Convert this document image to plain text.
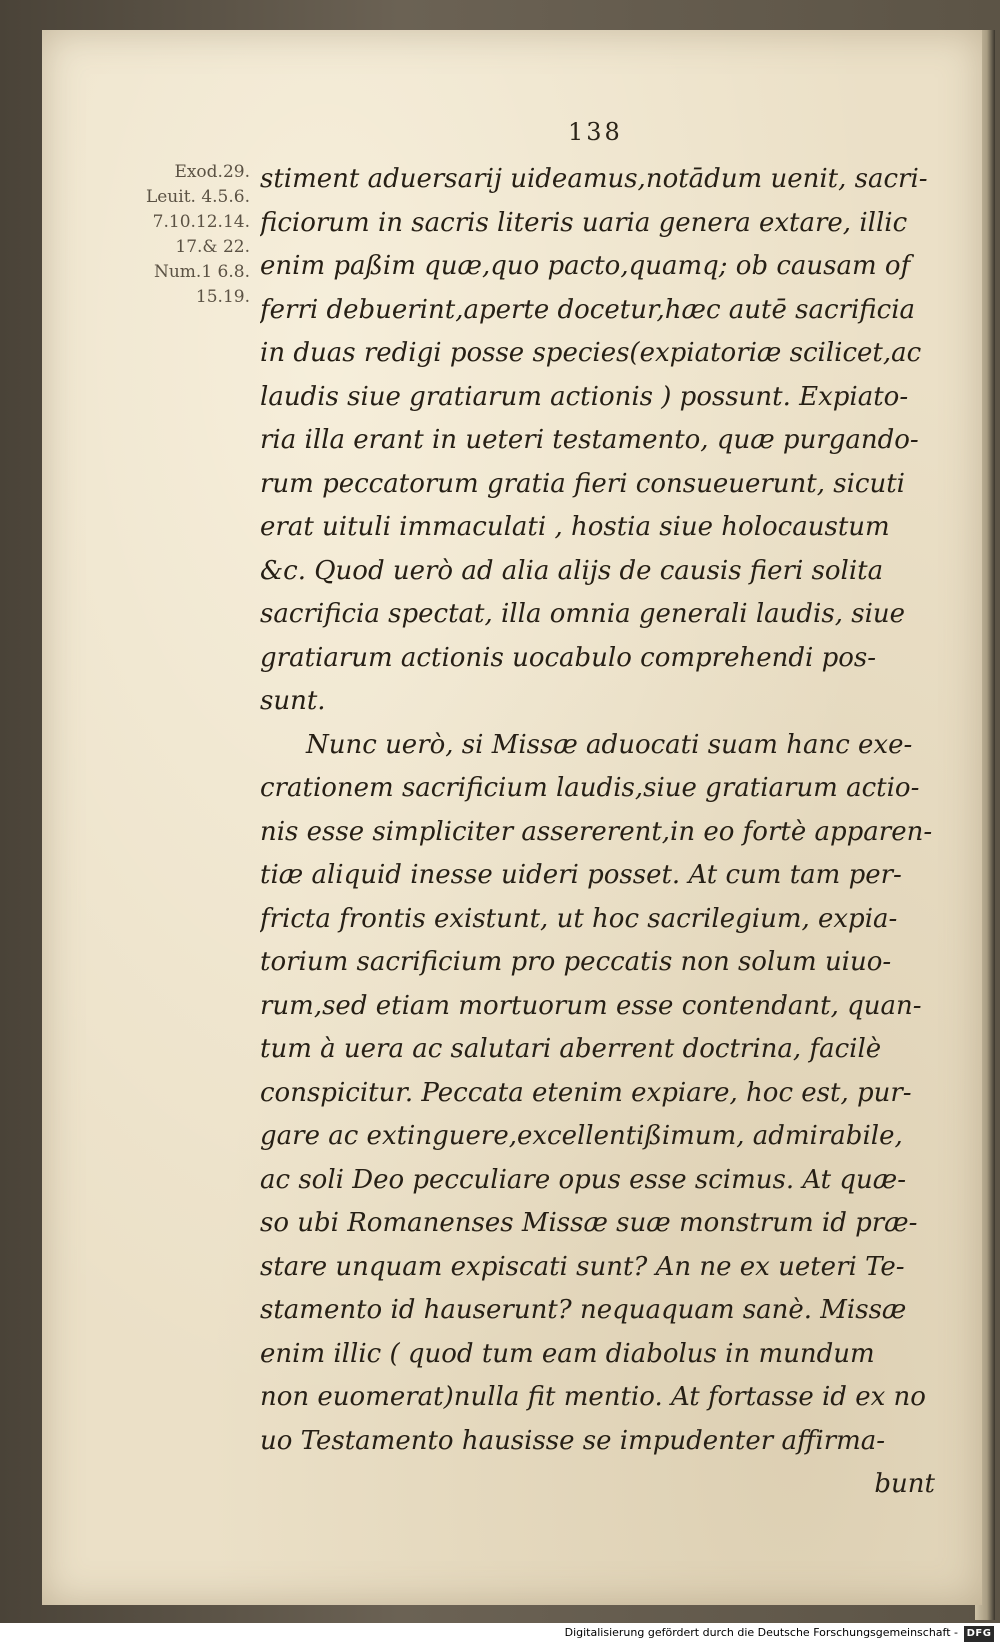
138
Exod.29.
Leuit. 4.5.6.
7.10.12.14.
17.& 22.
Num.1 6.8.
15.19.
stiment aduersarij uideamus,notādum uenit, sacri-
ficiorum in sacris literis uaria genera extare, illic
enim paßim quæ,quo pacto,quamq; ob causam of
ferri debuerint,aperte docetur,hæc autē sacrificia
in duas redigi posse species(expiatoriæ scilicet,ac
laudis siue gratiarum actionis ) possunt. Expiato-
ria illa erant in ueteri testamento, quæ purgando-
rum peccatorum gratia fieri consueuerunt, sicuti
erat uituli immaculati , hostia siue holocaustum
&c. Quod uerò ad alia alijs de causis fieri solita
sacrificia spectat, illa omnia generali laudis, siue
gratiarum actionis uocabulo comprehendi pos-
sunt.
Nunc uerò, si Missæ aduocati suam hanc exe-
crationem sacrificium laudis,siue gratiarum actio-
nis esse simpliciter assererent,in eo fortè apparen-
tiæ aliquid inesse uideri posset. At cum tam per-
fricta frontis existunt, ut hoc sacrilegium, expia-
torium sacrificium pro peccatis non solum uiuo-
rum,sed etiam mortuorum esse contendant, quan-
tum à uera ac salutari aberrent doctrina, facilè
conspicitur. Peccata etenim expiare, hoc est, pur-
gare ac extinguere,excellentißimum, admirabile,
ac soli Deo pecculiare opus esse scimus. At quæ-
so ubi Romanenses Missæ suæ monstrum id præ-
stare unquam expiscati sunt? An ne ex ueteri Te-
stamento id hauserunt? nequaquam sanè. Missæ
enim illic ( quod tum eam diabolus in mundum
non euomerat)nulla fit mentio. At fortasse id ex no
uo Testamento hausisse se impudenter affirma-
bunt
Digitalisierung gefördert durch die Deutsche Forschungsgemeinschaft - DFG
